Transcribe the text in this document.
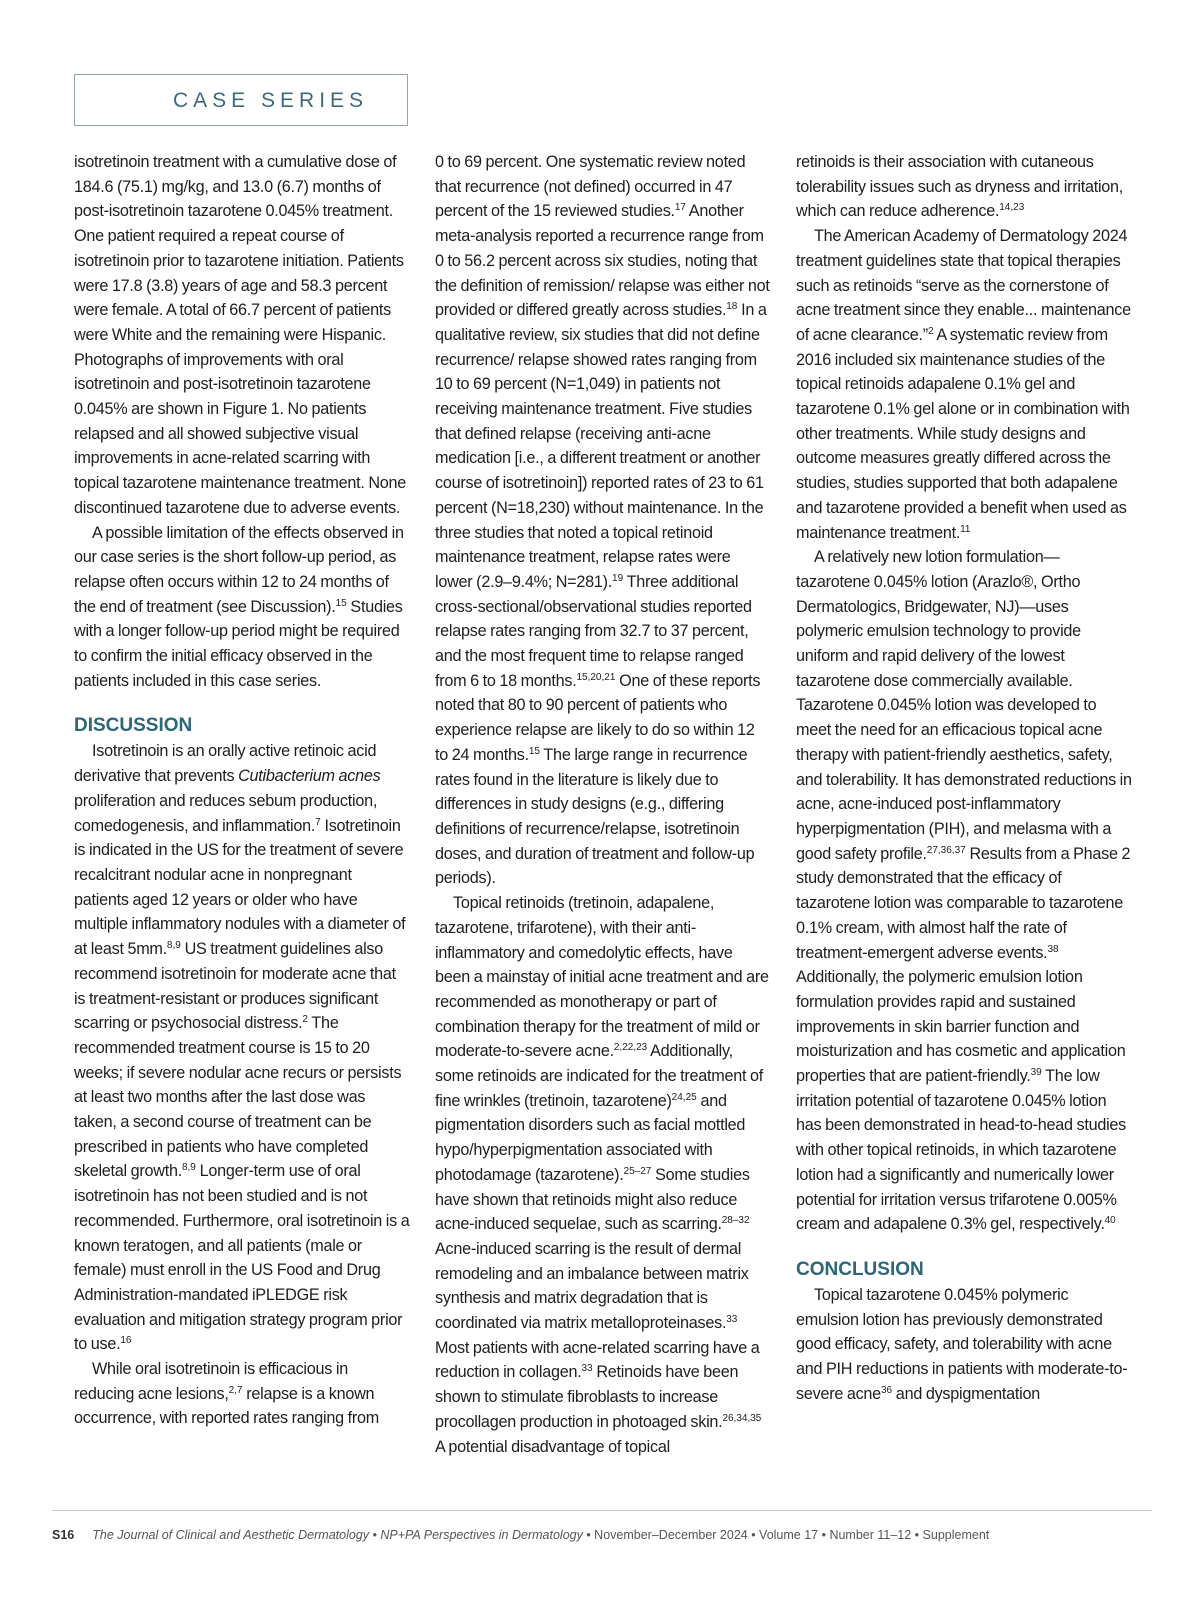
CASE SERIES

isotretinoin treatment with a cumulative dose of 184.6 (75.1) mg/kg, and 13.0 (6.7) months of post-isotretinoin tazarotene 0.045% treatment. One patient required a repeat course of isotretinoin prior to tazarotene initiation. Patients were 17.8 (3.8) years of age and 58.3 percent were female. A total of 66.7 percent of patients were White and the remaining were Hispanic. Photographs of improvements with oral isotretinoin and post-isotretinoin tazarotene 0.045% are shown in Figure 1. No patients relapsed and all showed subjective visual improvements in acne-related scarring with topical tazarotene maintenance treatment. None discontinued tazarotene due to adverse events.

A possible limitation of the effects observed in our case series is the short follow-up period, as relapse often occurs within 12 to 24 months of the end of treatment (see Discussion).$^{15}$ Studies with a longer follow-up period might be required to confirm the initial efficacy observed in the patients included in this case series.

DISCUSSION

Isotretinoin is an orally active retinoic acid derivative that prevents Cutibacterium acnes proliferation and reduces sebum production, comedogenesis, and inflammation.$^7$ Isotretinoin is indicated in the US for the treatment of severe recalcitrant nodular acne in nonpregnant patients aged 12 years or older who have multiple inflammatory nodules with a diameter of at least 5mm.$^{8,9}$ US treatment guidelines also recommend isotretinoin for moderate acne that is treatment-resistant or produces significant scarring or psychosocial distress.$^2$ The recommended treatment course is 15 to 20 weeks; if severe nodular acne recurs or persists at least two months after the last dose was taken, a second course of treatment can be prescribed in patients who have completed skeletal growth.$^{8,9}$ Longer-term use of oral isotretinoin has not been studied and is not recommended. Furthermore, oral isotretinoin is a known teratogen, and all patients (male or female) must enroll in the US Food and Drug Administration-mandated iPLEDGE risk evaluation and mitigation strategy program prior to use.$^{16}$

While oral isotretinoin is efficacious in reducing acne lesions,$^{2,7}$ relapse is a known occurrence, with reported rates ranging from

0 to 69 percent. One systematic review noted that recurrence (not defined) occurred in 47 percent of the 15 reviewed studies.$^{17}$ Another meta-analysis reported a recurrence range from 0 to 56.2 percent across six studies, noting that the definition of remission/ relapse was either not provided or differed greatly across studies.$^{18}$ In a qualitative review, six studies that did not define recurrence/ relapse showed rates ranging from 10 to 69 percent (N=1,049) in patients not receiving maintenance treatment. Five studies that defined relapse (receiving anti-acne medication [i.e., a different treatment or another course of isotretinoin]) reported rates of 23 to 61 percent (N=18,230) without maintenance. In the three studies that noted a topical retinoid maintenance treatment, relapse rates were lower (2.9–9.4%; N=281).$^{19}$ Three additional cross-sectional/observational studies reported relapse rates ranging from 32.7 to 37 percent, and the most frequent time to relapse ranged from 6 to 18 months.$^{15,20,21}$ One of these reports noted that 80 to 90 percent of patients who experience relapse are likely to do so within 12 to 24 months.$^{15}$ The large range in recurrence rates found in the literature is likely due to differences in study designs (e.g., differing definitions of recurrence/relapse, isotretinoin doses, and duration of treatment and follow-up periods).

Topical retinoids (tretinoin, adapalene, tazarotene, trifarotene), with their anti-inflammatory and comedolytic effects, have been a mainstay of initial acne treatment and are recommended as monotherapy or part of combination therapy for the treatment of mild or moderate-to-severe acne.$^{2,22,23}$ Additionally, some retinoids are indicated for the treatment of fine wrinkles (tretinoin, tazarotene)$^{24,25}$ and pigmentation disorders such as facial mottled hypo/hyperpigmentation associated with photodamage (tazarotene).$^{25-27}$ Some studies have shown that retinoids might also reduce acne-induced sequelae, such as scarring.$^{28-32}$ Acne-induced scarring is the result of dermal remodeling and an imbalance between matrix synthesis and matrix degradation that is coordinated via matrix metalloproteinases.$^{33}$ Most patients with acne-related scarring have a reduction in collagen.$^{33}$ Retinoids have been shown to stimulate fibroblasts to increase procollagen production in photoaged skin.$^{26,34,35}$ A potential disadvantage of topical

retinoids is their association with cutaneous tolerability issues such as dryness and irritation, which can reduce adherence.$^{14,23}$

The American Academy of Dermatology 2024 treatment guidelines state that topical therapies such as retinoids “serve as the cornerstone of acne treatment since they enable... maintenance of acne clearance.”$^2$ A systematic review from 2016 included six maintenance studies of the topical retinoids adapalene 0.1% gel and tazarotene 0.1% gel alone or in combination with other treatments. While study designs and outcome measures greatly differed across the studies, studies supported that both adapalene and tazarotene provided a benefit when used as maintenance treatment.$^{11}$

A relatively new lotion formulation— tazarotene 0.045% lotion (Arazlo®, Ortho Dermatologics, Bridgewater, NJ)—uses polymeric emulsion technology to provide uniform and rapid delivery of the lowest tazarotene dose commercially available. Tazarotene 0.045% lotion was developed to meet the need for an efficacious topical acne therapy with patient-friendly aesthetics, safety, and tolerability. It has demonstrated reductions in acne, acne-induced post-inflammatory hyperpigmentation (PIH), and melasma with a good safety profile.$^{27,36,37}$ Results from a Phase 2 study demonstrated that the efficacy of tazarotene lotion was comparable to tazarotene 0.1% cream, with almost half the rate of treatment-emergent adverse events.$^{38}$ Additionally, the polymeric emulsion lotion formulation provides rapid and sustained improvements in skin barrier function and moisturization and has cosmetic and application properties that are patient-friendly.$^{39}$ The low irritation potential of tazarotene 0.045% lotion has been demonstrated in head-to-head studies with other topical retinoids, in which tazarotene lotion had a significantly and numerically lower potential for irritation versus trifarotene 0.005% cream and adapalene 0.3% gel, respectively.$^{40}$

CONCLUSION

Topical tazarotene 0.045% polymeric emulsion lotion has previously demonstrated good efficacy, safety, and tolerability with acne and PIH reductions in patients with moderate-to-severe acne$^{36}$ and dyspigmentation

S16 The Journal of Clinical and Aesthetic Dermatology • NP+PA Perspectives in Dermatology • November–December 2024 • Volume 17 • Number 11–12 • Supplement
